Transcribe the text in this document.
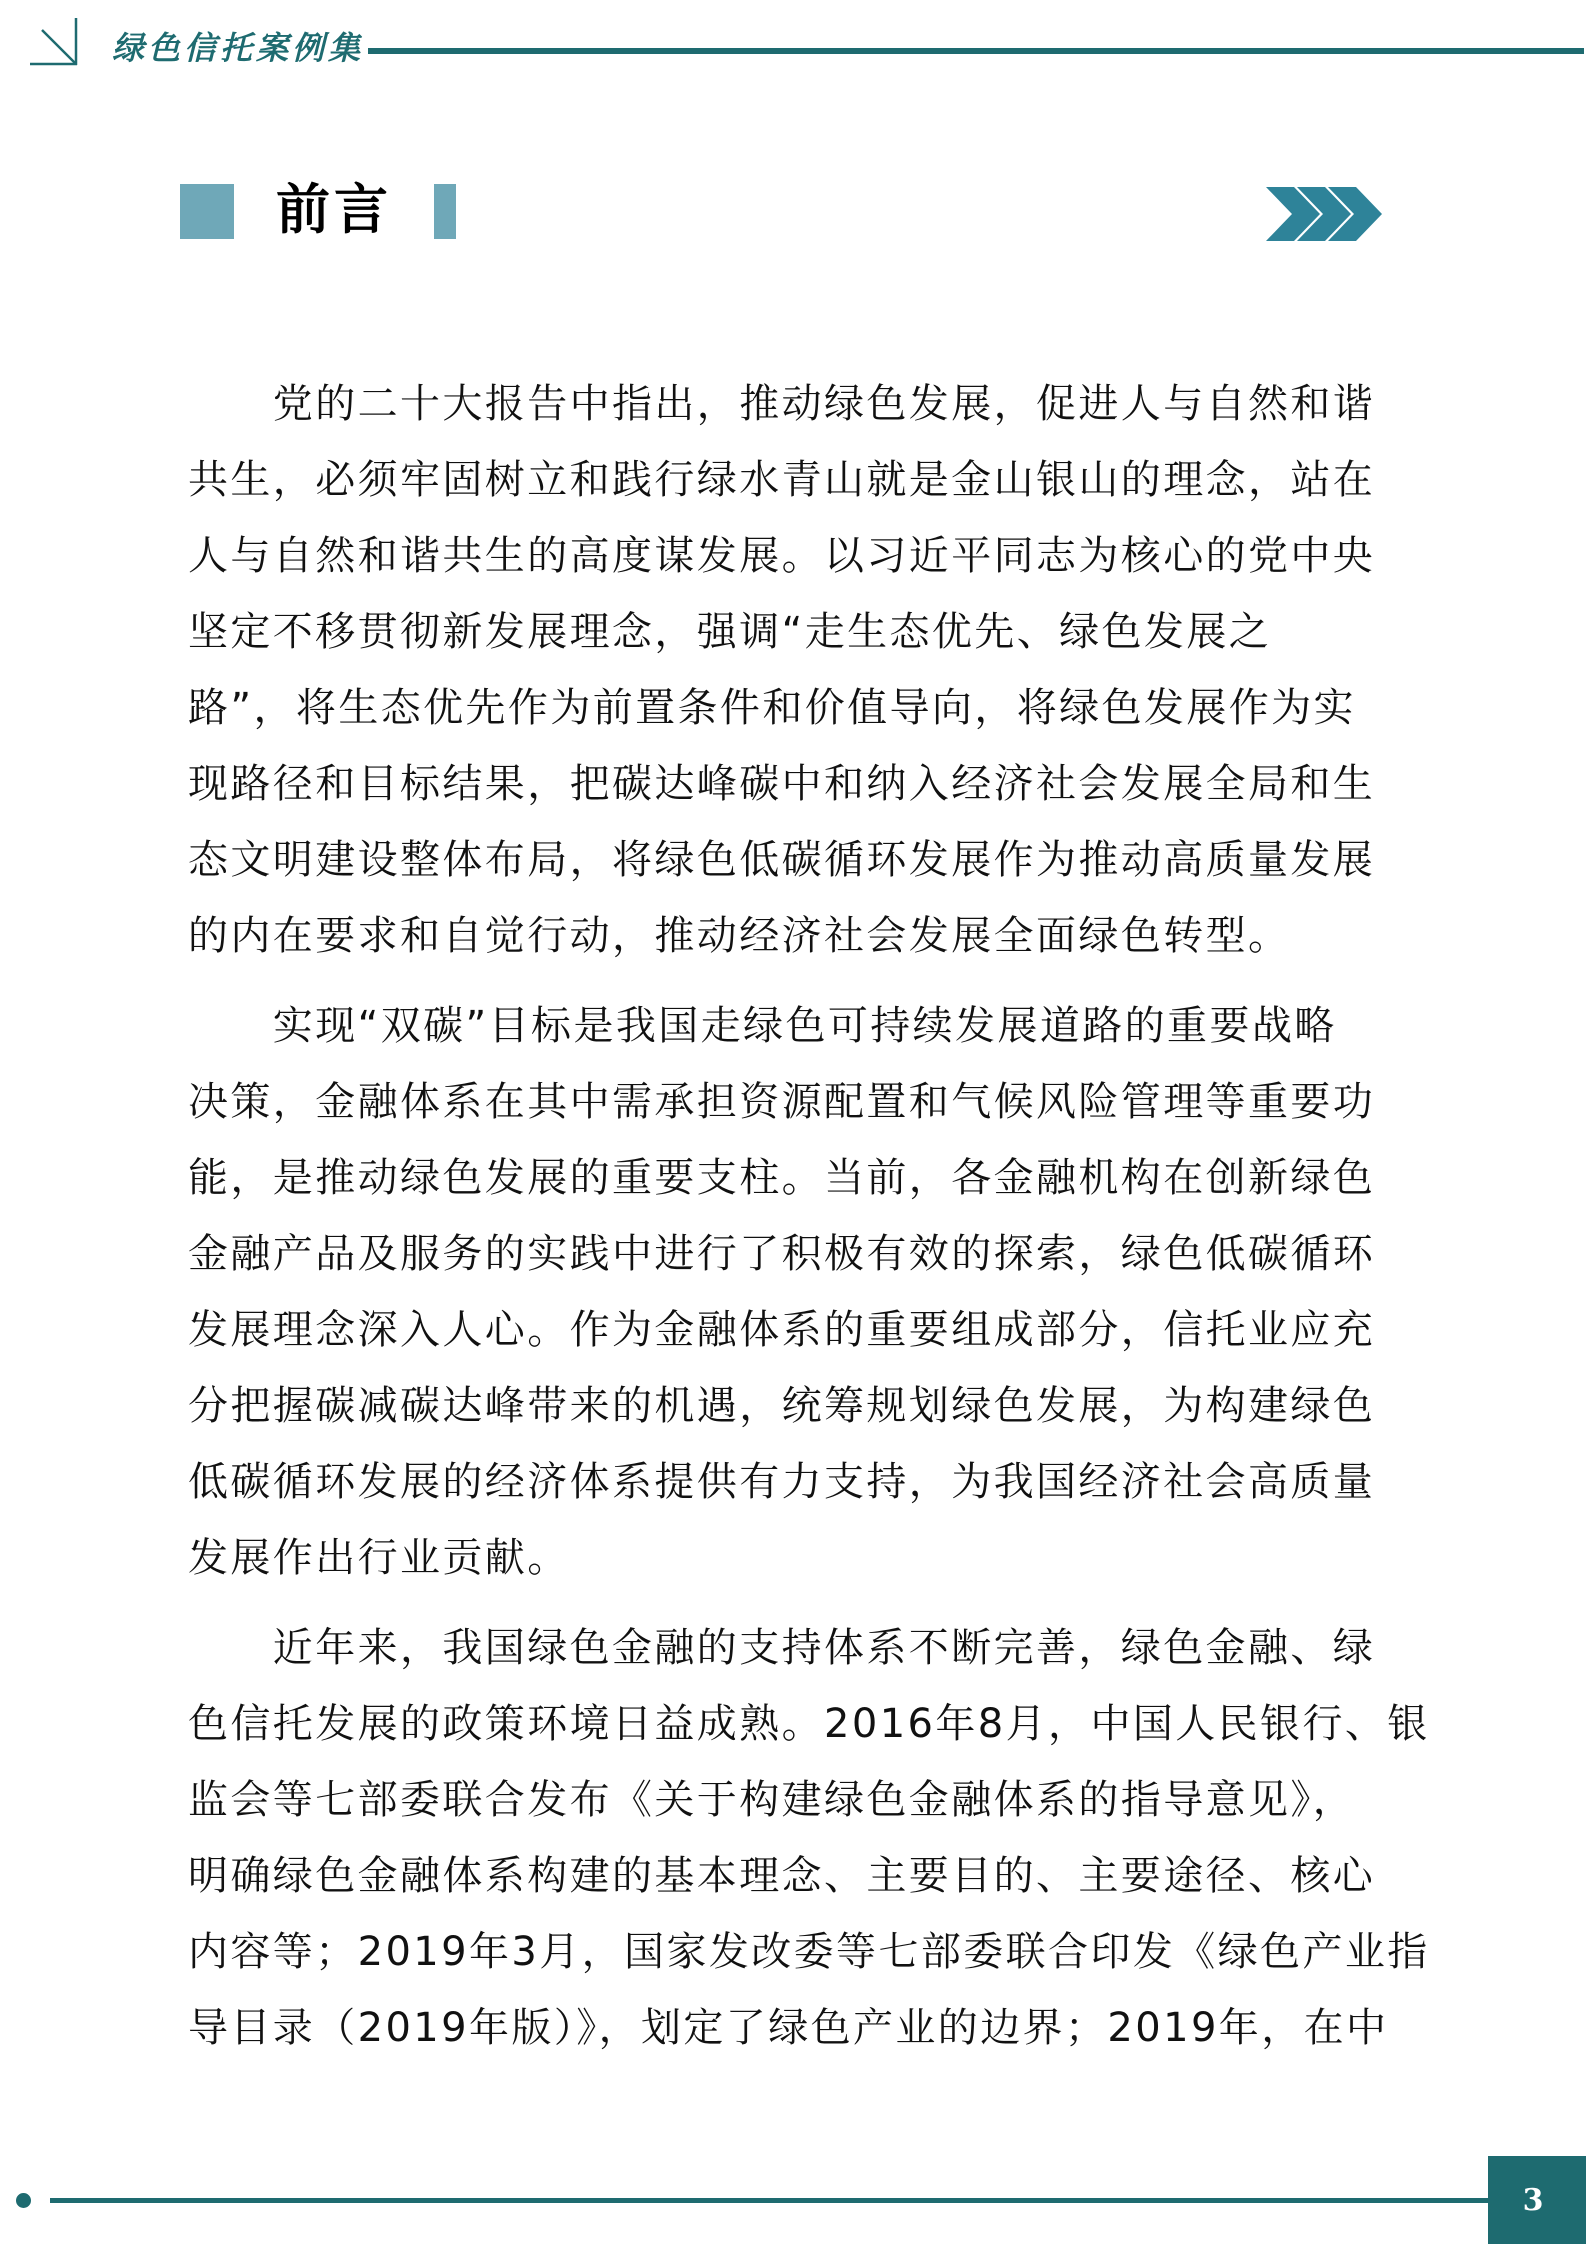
绿色信托案例集
前言
　　党的二十大报告中指出，推动绿色发展，促进人与自然和谐
共生，必须牢固树立和践行绿水青山就是金山银山的理念，站在
人与自然和谐共生的高度谋发展。以习近平同志为核心的党中央
坚定不移贯彻新发展理念，强调“走生态优先、绿色发展之
路”，将生态优先作为前置条件和价值导向，将绿色发展作为实
现路径和目标结果，把碳达峰碳中和纳入经济社会发展全局和生
态文明建设整体布局，将绿色低碳循环发展作为推动高质量发展
的内在要求和自觉行动，推动经济社会发展全面绿色转型。
　　实现“双碳”目标是我国走绿色可持续发展道路的重要战略
决策，金融体系在其中需承担资源配置和气候风险管理等重要功
能，是推动绿色发展的重要支柱。当前，各金融机构在创新绿色
金融产品及服务的实践中进行了积极有效的探索，绿色低碳循环
发展理念深入人心。作为金融体系的重要组成部分，信托业应充
分把握碳减碳达峰带来的机遇，统筹规划绿色发展，为构建绿色
低碳循环发展的经济体系提供有力支持，为我国经济社会高质量
发展作出行业贡献。
　　近年来，我国绿色金融的支持体系不断完善，绿色金融、绿
色信托发展的政策环境日益成熟。2016年8月，中国人民银行、银
监会等七部委联合发布《关于构建绿色金融体系的指导意见》，
明确绿色金融体系构建的基本理念、主要目的、主要途径、核心
内容等；2019年3月，国家发改委等七部委联合印发《绿色产业指
导目录（2019年版）》，划定了绿色产业的边界；2019年，在中
3
